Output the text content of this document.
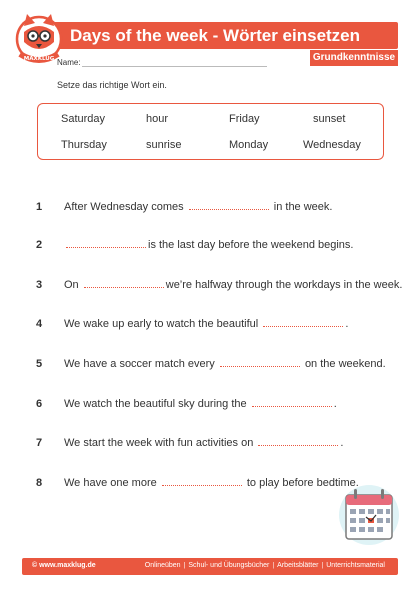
Days of the week - Wörter einsetzen
Grundkenntnisse
MAXKLUG Name:
Setze das richtige Wort ein.
Saturday	hour	Friday	sunset
Thursday	sunrise	Monday	Wednesday
1 After Wednesday comes	in the week.
2	is the last day before the weekend begins.
3 On	we’re halfway through the workdays in the week.
4 We wake up early to watch the beautiful	.
5 We have a soccer match every	on the weekend.
6 We watch the beautiful sky during the	.
7 We start the week with fun activities on	.
8 We have one more	to play before bedtime.
© www.maxklug.de	Onlineüben | Schul- und Übungsbücher | Arbeitsblätter | Unterrichtsmaterial
